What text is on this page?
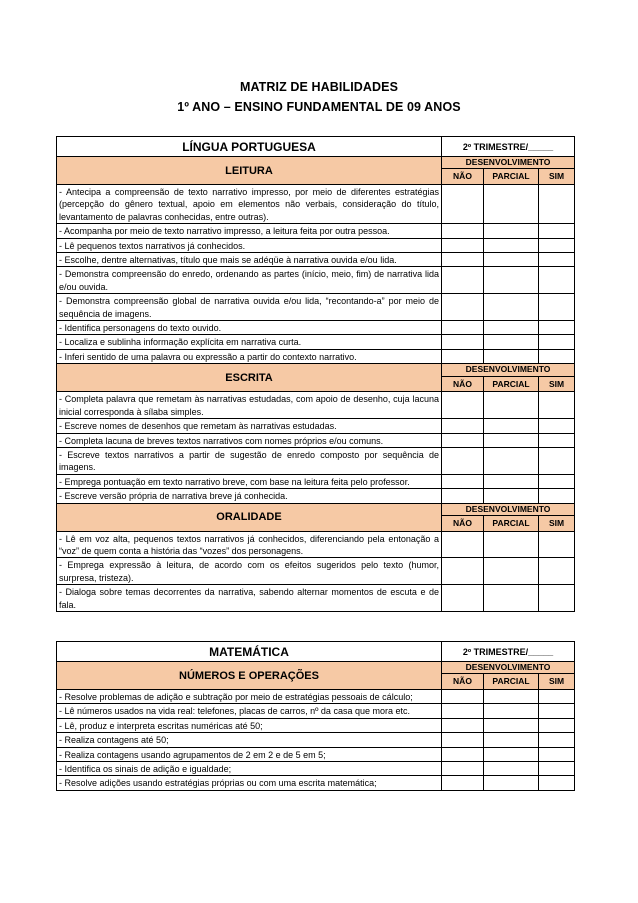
MATRIZ DE HABILIDADES
1º ANO – ENSINO FUNDAMENTAL DE 09 ANOS
LÍNGUA PORTUGUESA	2º TRIMESTRE/_____		
LEITURA	DESENVOLVIMENTO		
	NÃO	PARCIAL	SIM
- Antecipa a compreensão de texto narrativo impresso, por meio de diferentes estratégias (percepção do gênero textual, apoio em elementos não verbais, consideração do título, levantamento de palavras conhecidas, entre outras).			
- Acompanha por meio de texto narrativo impresso, a leitura feita por outra pessoa.			
- Lê pequenos textos narrativos já conhecidos.			
- Escolhe, dentre alternativas, título que mais se adéqüe à narrativa ouvida e/ou lida.			
- Demonstra compreensão do enredo, ordenando as partes (início, meio, fim) de narrativa lida e/ou ouvida.			
- Demonstra compreensão global de narrativa ouvida e/ou lida, “recontando-a” por meio de sequência de imagens.			
- Identifica personagens do texto ouvido.			
- Localiza e sublinha informação explícita em narrativa curta.			
- Inferi sentido de uma palavra ou expressão a partir do contexto narrativo.			
ESCRITA	DESENVOLVIMENTO		
	NÃO	PARCIAL	SIM
- Completa palavra que remetam às narrativas estudadas, com apoio de desenho, cuja lacuna inicial corresponda à sílaba simples.			
- Escreve nomes de desenhos que remetam às narrativas estudadas.			
- Completa lacuna de breves textos narrativos com nomes próprios e/ou comuns.			
- Escreve textos narrativos a partir de sugestão de enredo composto por sequência de imagens.			
- Emprega pontuação em texto narrativo breve, com base na leitura feita pelo professor.			
- Escreve versão própria de narrativa breve já conhecida.			
ORALIDADE	DESENVOLVIMENTO		
	NÃO	PARCIAL	SIM
- Lê em voz alta, pequenos textos narrativos já conhecidos, diferenciando pela entonação a “voz” de quem conta a história das “vozes” dos personagens.			
- Emprega expressão à leitura, de acordo com os efeitos sugeridos pelo texto (humor, surpresa, tristeza).			
- Dialoga sobre temas decorrentes da narrativa, sabendo alternar momentos de escuta e de fala.			
MATEMÁTICA	2º TRIMESTRE/_____		
NÚMEROS E OPERAÇÕES	DESENVOLVIMENTO		
	NÃO	PARCIAL	SIM
- Resolve problemas de adição e subtração por meio de estratégias pessoais de cálculo;			
- Lê números usados na vida real: telefones, placas de carros, nº da casa que mora etc.			
- Lê, produz e interpreta escritas numéricas até 50;			
- Realiza contagens até 50;			
- Realiza contagens usando agrupamentos de 2 em 2 e de 5 em 5;			
- Identifica os sinais de adição e igualdade;			
- Resolve adições usando estratégias próprias ou com uma escrita matemática;			
